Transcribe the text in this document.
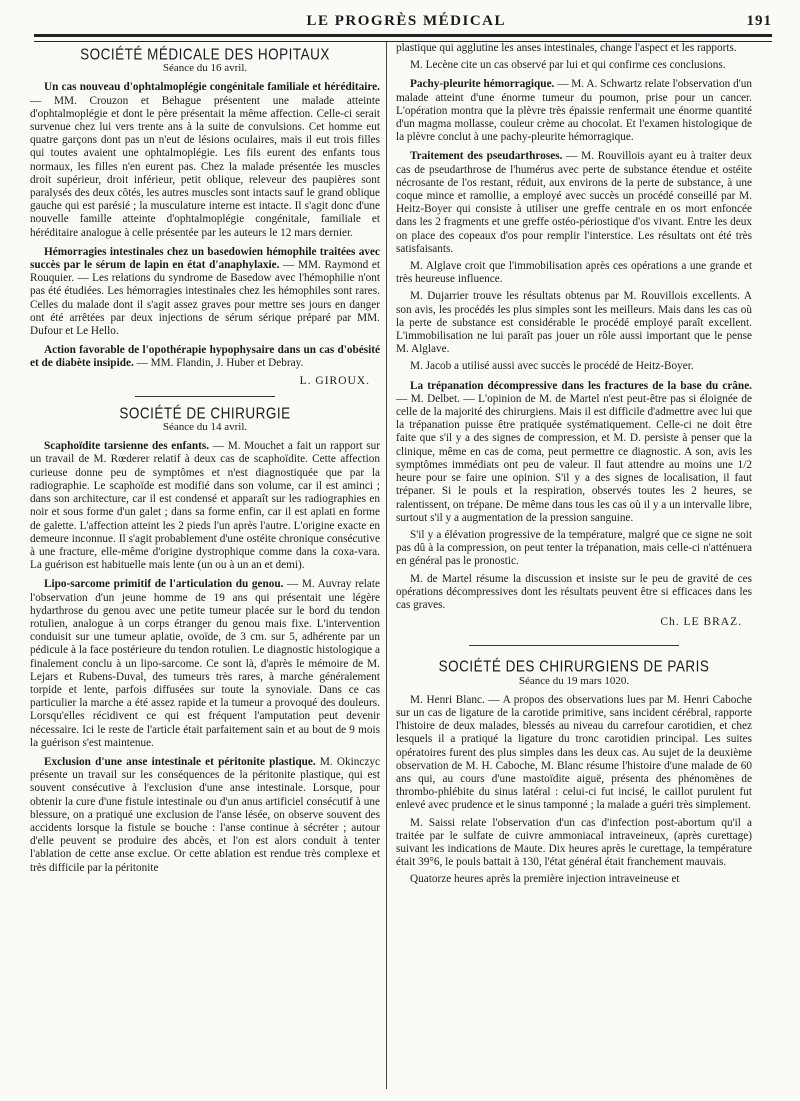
LE PROGRÈS MÉDICAL	191
SOCIÉTÉ MÉDICALE DES HOPITAUX
Séance du 16 avril.

Un cas nouveau d'ophtalmoplégie congénitale familiale et héréditaire. — MM. Crouzon et Behague présentent une malade atteinte d'ophtalmoplégie et dont le père présentait la même affection. Celle-ci serait survenue chez lui vers trente ans à la suite de convulsions. Cet homme eut quatre garçons dont pas un n'eut de lésions oculaires, mais il eut trois filles qui toutes avaient une ophtalmoplégie. Les fils eurent des enfants tous normaux, les filles n'en eurent pas. Chez la malade présentée les muscles droit supérieur, droit inférieur, petit oblique, releveur des paupières sont paralysés des deux côtés, les autres muscles sont intacts sauf le grand oblique gauche qui est parésié ; la musculature interne est intacte. Il s'agit donc d'une nouvelle famille atteinte d'ophtalmoplégie congénitale, familiale et héréditaire analogue à celle présentée par les auteurs le 12 mars dernier.

Hémorragies intestinales chez un basedowien hémophile traitées avec succès par le sérum de lapin en état d'anaphylaxie. — MM. Raymond et Rouquier. — Les relations du syndrome de Basedow avec l'hémophilie n'ont pas été étudiées. Les hémorragies intestinales chez les hémophiles sont rares. Celles du malade dont il s'agit assez graves pour mettre ses jours en danger ont été arrêtées par deux injections de sérum sérique préparé par MM. Dufour et Le Hello.

Action favorable de l'opothérapie hypophysaire dans un cas d'obésité et de diabète insipide. — MM. Flandin, J. Huber et Debray.

L. GIROUX.
SOCIÉTÉ DE CHIRURGIE
Séance du 14 avril.

Scaphoïdite tarsienne des enfants. — M. Mouchet a fait un rapport sur un travail de M. Rœderer relatif à deux cas de scaphoïdite. Cette affection curieuse donne peu de symptômes et n'est diagnostiquée que par la radiographie. Le scaphoïde est modifié dans son volume, car il est aminci ; dans son architecture, car il est condensé et apparaît sur les radiographies en noir et sous forme d'un galet ; dans sa forme enfin, car il est aplati en forme de galette. L'affection atteint les 2 pieds l'un après l'autre. L'origine exacte en demeure inconnue. Il s'agit probablement d'une ostéite chronique consécutive à une fracture, elle-même d'origine dystrophique comme dans la coxa-vara. La guérison est habituelle mais lente (un ou à un an et demi).

Lipo-sarcome primitif de l'articulation du genou. — M. Auvray relate l'observation d'un jeune homme de 19 ans qui présentait une légère hydarthrose du genou avec une petite tumeur placée sur le bord du tendon rotulien, analogue à un corps étranger du genou mais fixe. L'intervention conduisit sur une tumeur aplatie, ovoïde, de 3 cm. sur 5, adhérente par un pédicule à la face postérieure du tendon rotulien. Le diagnostic histologique a finalement conclu à un lipo-sarcome. Ce sont là, d'après le mémoire de M. Lejars et Rubens-Duval, des tumeurs très rares, à marche généralement torpide et lente, parfois diffusées sur toute la synoviale. Dans ce cas particulier la marche a été assez rapide et la tumeur a provoqué des douleurs. Lorsqu'elles récidivent ce qui est fréquent l'amputation peut devenir nécessaire. Ici le reste de l'article était parfaitement sain et au bout de 9 mois la guérison s'est maintenue.

Exclusion d'une anse intestinale et péritonite plastique. M. Okinczyc présente un travail sur les conséquences de la péritonite plastique, qui est souvent consécutive à l'exclusion d'une anse intestinale. Lorsque, pour obtenir la cure d'une fistule intestinale ou d'un anus artificiel consécutif à une blessure, on a pratiqué une exclusion de l'anse lésée, on observe souvent des accidents lorsque la fistule se bouche : l'anse continue à sécréter ; autour d'elle peuvent se produire des abcès, et l'on est alors conduit à tenter l'ablation de cette anse exclue. Or cette ablation est rendue très complexe et très difficile par la péritonite

plastique qui agglutine les anses intestinales, change l'aspect et les rapports.

M. Lecène cite un cas observé par lui et qui confirme ces conclusions.

Pachy-pleurite hémorragique. — M. A. Schwartz relate l'observation d'un malade atteint d'une énorme tumeur du poumon, prise pour un cancer. L'opération montra que la plèvre très épaissie renfermait une énorme quantité d'un magma mollasse, couleur crème au chocolat. Et l'examen histologique de la plèvre conclut à une pachy-pleurite hémorragique.

Traitement des pseudarthroses. — M. Rouvillois ayant eu à traiter deux cas de pseudarthrose de l'humérus avec perte de substance étendue et ostéite nécrosante de l'os restant, réduit, aux environs de la perte de substance, à une coque mince et ramollie, a employé avec succès un procédé conseillé par M. Heitz-Boyer qui consiste à utiliser une greffe centrale en os mort enfoncée dans les 2 fragments et une greffe ostéo-périostique d'os vivant. Entre les deux on place des copeaux d'os pour remplir l'interstice. Les résultats ont été très satisfaisants.

M. Alglave croit que l'immobilisation après ces opérations a une grande et très heureuse influence.

M. Dujarrier trouve les résultats obtenus par M. Rouvillois excellents. A son avis, les procédés les plus simples sont les meilleurs. Mais dans les cas où la perte de substance est considérable le procédé employé paraît excellent. L'immobilisation ne lui paraît pas jouer un rôle aussi important que le pense M. Alglave.

M. Jacob a utilisé aussi avec succès le procédé de Heitz-Boyer.

La trépanation décompressive dans les fractures de la base du crâne. — M. Delbet. — L'opinion de M. de Martel n'est peut-être pas si éloignée de celle de la majorité des chirurgiens. Mais il est difficile d'admettre avec lui que la trépanation puisse être pratiquée systématiquement. Celle-ci ne doit être faite que s'il y a des signes de compression, et M. D. persiste à penser que la clinique, même en cas de coma, peut permettre ce diagnostic. A son, avis les symptômes immédiats ont peu de valeur. Il faut attendre au moins une 1/2 heure pour se faire une opinion. S'il y a des signes de localisation, il faut trépaner. Si le pouls et la respiration, observés toutes les 2 heures, se ralentissent, on trépane. De même dans tous les cas où il y a un intervalle libre, surtout s'il y a augmentation de la pression sanguine.

S'il y a élévation progressive de la température, malgré que ce signe ne soit pas dû à la compression, on peut tenter la trépanation, mais celle-ci n'atténuera en général pas le pronostic.

M. de Martel résume la discussion et insiste sur le peu de gravité de ces opérations décompressives dont les résultats peuvent être si efficaces dans les cas graves.

Ch. LE BRAZ.
SOCIÉTÉ DES CHIRURGIENS DE PARIS
Séance du 19 mars 1020.

M. Henri Blanc. — A propos des observations lues par M. Henri Caboche sur un cas de ligature de la carotide primitive, sans incident cérébral, rapporte l'histoire de deux malades, blessés au niveau du carrefour carotidien, et chez lesquels il a pratiqué la ligature du tronc carotidien principal. Les suites opératoires furent des plus simples dans les deux cas. Au sujet de la deuxième observation de M. H. Caboche, M. Blanc résume l'histoire d'une malade de 60 ans qui, au cours d'une mastoïdite aiguë, présenta des phénomènes de thrombo-phlébite du sinus latéral : celui-ci fut incisé, le caillot purulent fut enlevé avec prudence et le sinus tamponné ; la malade a guéri très simplement.

M. Saissi relate l'observation d'un cas d'infection post-abortum qu'il a traitée par le sulfate de cuivre ammoniacal intraveineux, (après curettage) suivant les indications de Maute. Dix heures après le curettage, la température était 39°6, le pouls battait à 130, l'état général était franchement mauvais.

Quatorze heures après la première injection intraveineuse et
